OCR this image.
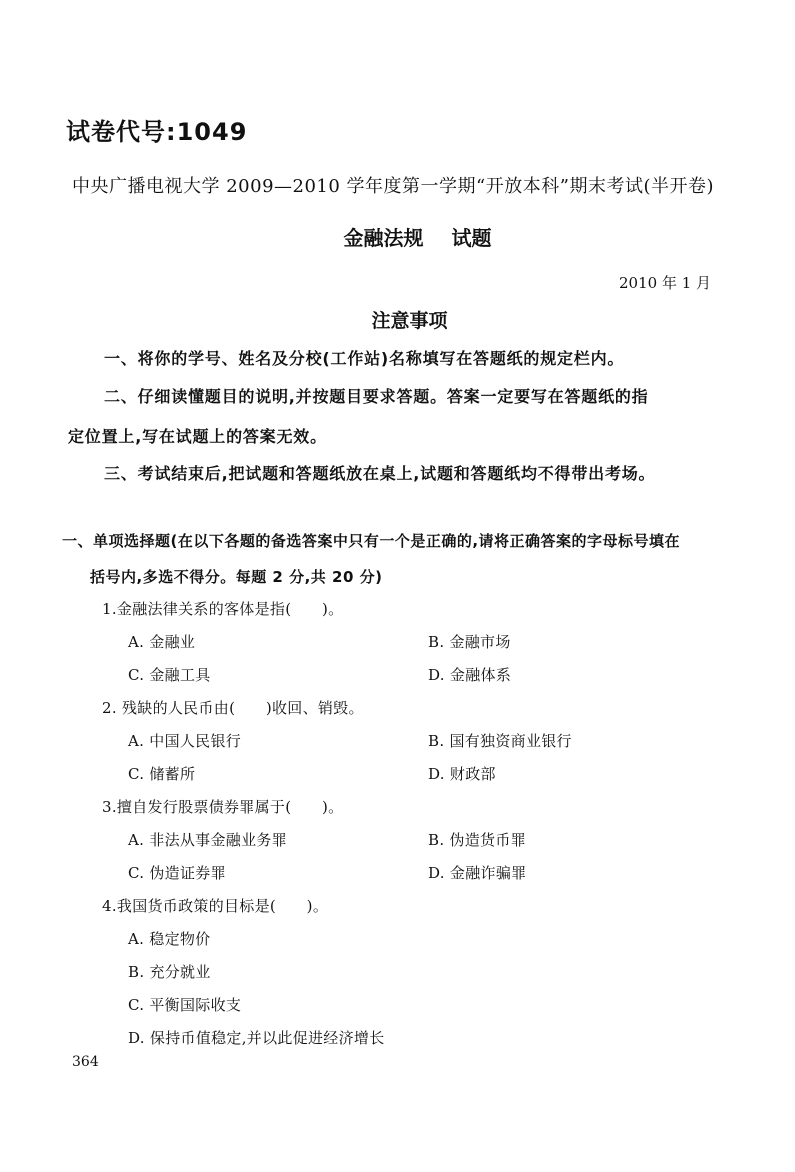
试卷代号:1049
中央广播电视大学 2009—2010 学年度第一学期“开放本科”期末考试(半开卷)
金融法规 试题
2010 年 1 月
注意事项
一、将你的学号、姓名及分校(工作站)名称填写在答题纸的规定栏内。
二、仔细读懂题目的说明,并按题目要求答题。答案一定要写在答题纸的指
定位置上,写在试题上的答案无效。
三、考试结束后,把试题和答题纸放在桌上,试题和答题纸均不得带出考场。
一、单项选择题(在以下各题的备选答案中只有一个是正确的,请将正确答案的字母标号填在
括号内,多选不得分。每题 2 分,共 20 分)
1.金融法律关系的客体是指(　　)。
A. 金融业	B. 金融市场
C. 金融工具	D. 金融体系
2. 残缺的人民币由(　　)收回、销毁。
A. 中国人民银行	B. 国有独资商业银行
C. 储蓄所	D. 财政部
3.擅自发行股票债券罪属于(　　)。
A. 非法从事金融业务罪	B. 伪造货币罪
C. 伪造证券罪	D. 金融诈骗罪
4.我国货币政策的目标是(　　)。
A. 稳定物价
B. 充分就业
C. 平衡国际收支
D. 保持币值稳定,并以此促进经济增长
364
